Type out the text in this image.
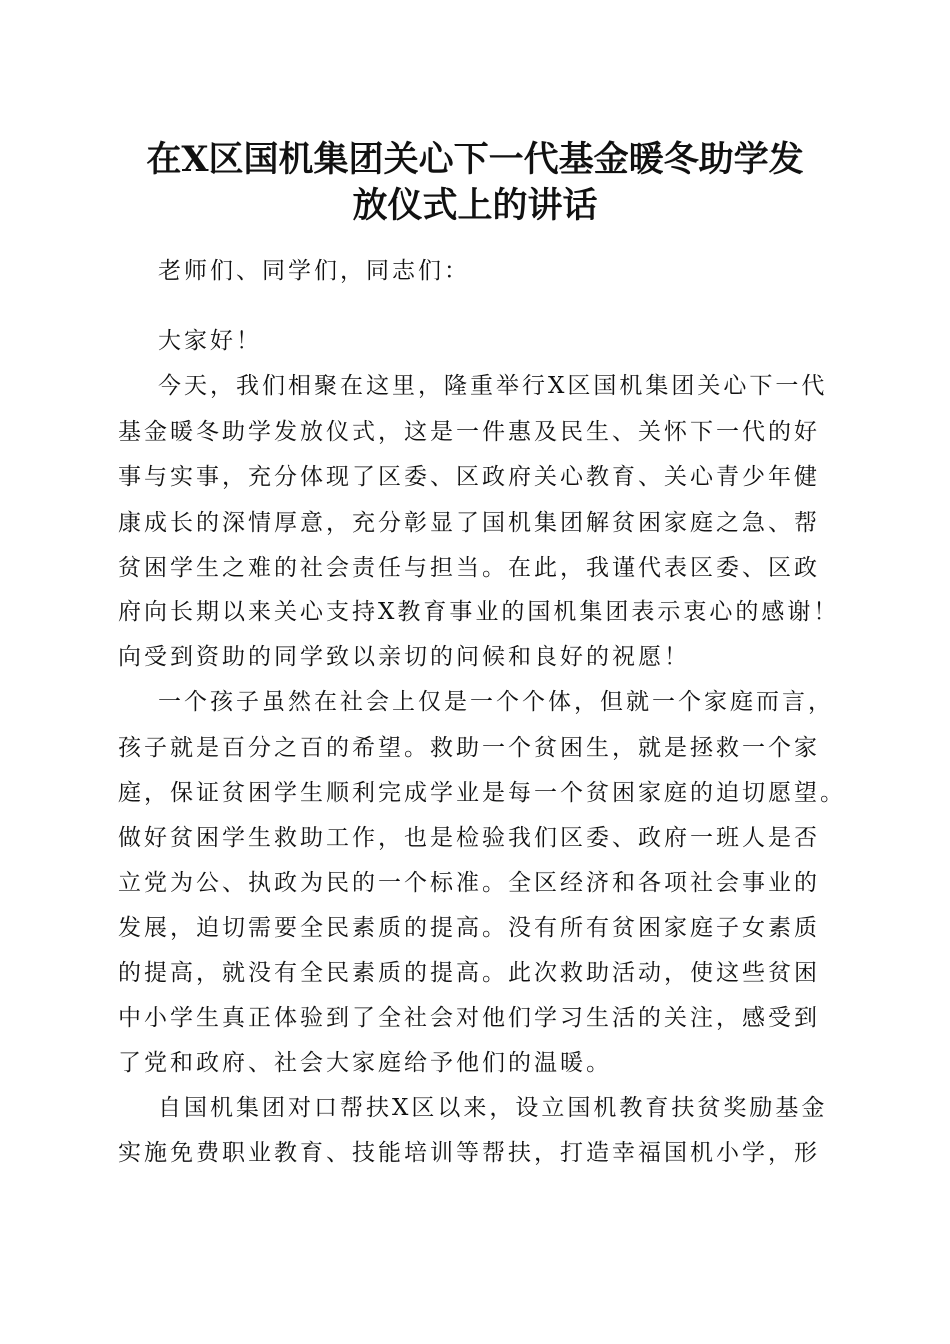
在X区国机集团关心下一代基金暖冬助学发
放仪式上的讲话
老师们、同学们，同志们：
大家好！
今天，我们相聚在这里，隆重举行X区国机集团关心下一代
基金暖冬助学发放仪式，这是一件惠及民生、关怀下一代的好
事与实事，充分体现了区委、区政府关心教育、关心青少年健
康成长的深情厚意，充分彰显了国机集团解贫困家庭之急、帮
贫困学生之难的社会责任与担当。在此，我谨代表区委、区政
府向长期以来关心支持X教育事业的国机集团表示衷心的感谢！
向受到资助的同学致以亲切的问候和良好的祝愿！
一个孩子虽然在社会上仅是一个个体，但就一个家庭而言，
孩子就是百分之百的希望。救助一个贫困生，就是拯救一个家
庭，保证贫困学生顺利完成学业是每一个贫困家庭的迫切愿望。
做好贫困学生救助工作，也是检验我们区委、政府一班人是否
立党为公、执政为民的一个标准。全区经济和各项社会事业的
发展，迫切需要全民素质的提高。没有所有贫困家庭子女素质
的提高，就没有全民素质的提高。此次救助活动，使这些贫困
中小学生真正体验到了全社会对他们学习生活的关注，感受到
了党和政府、社会大家庭给予他们的温暖。
自国机集团对口帮扶X区以来，设立国机教育扶贫奖励基金
实施免费职业教育、技能培训等帮扶，打造幸福国机小学，形
